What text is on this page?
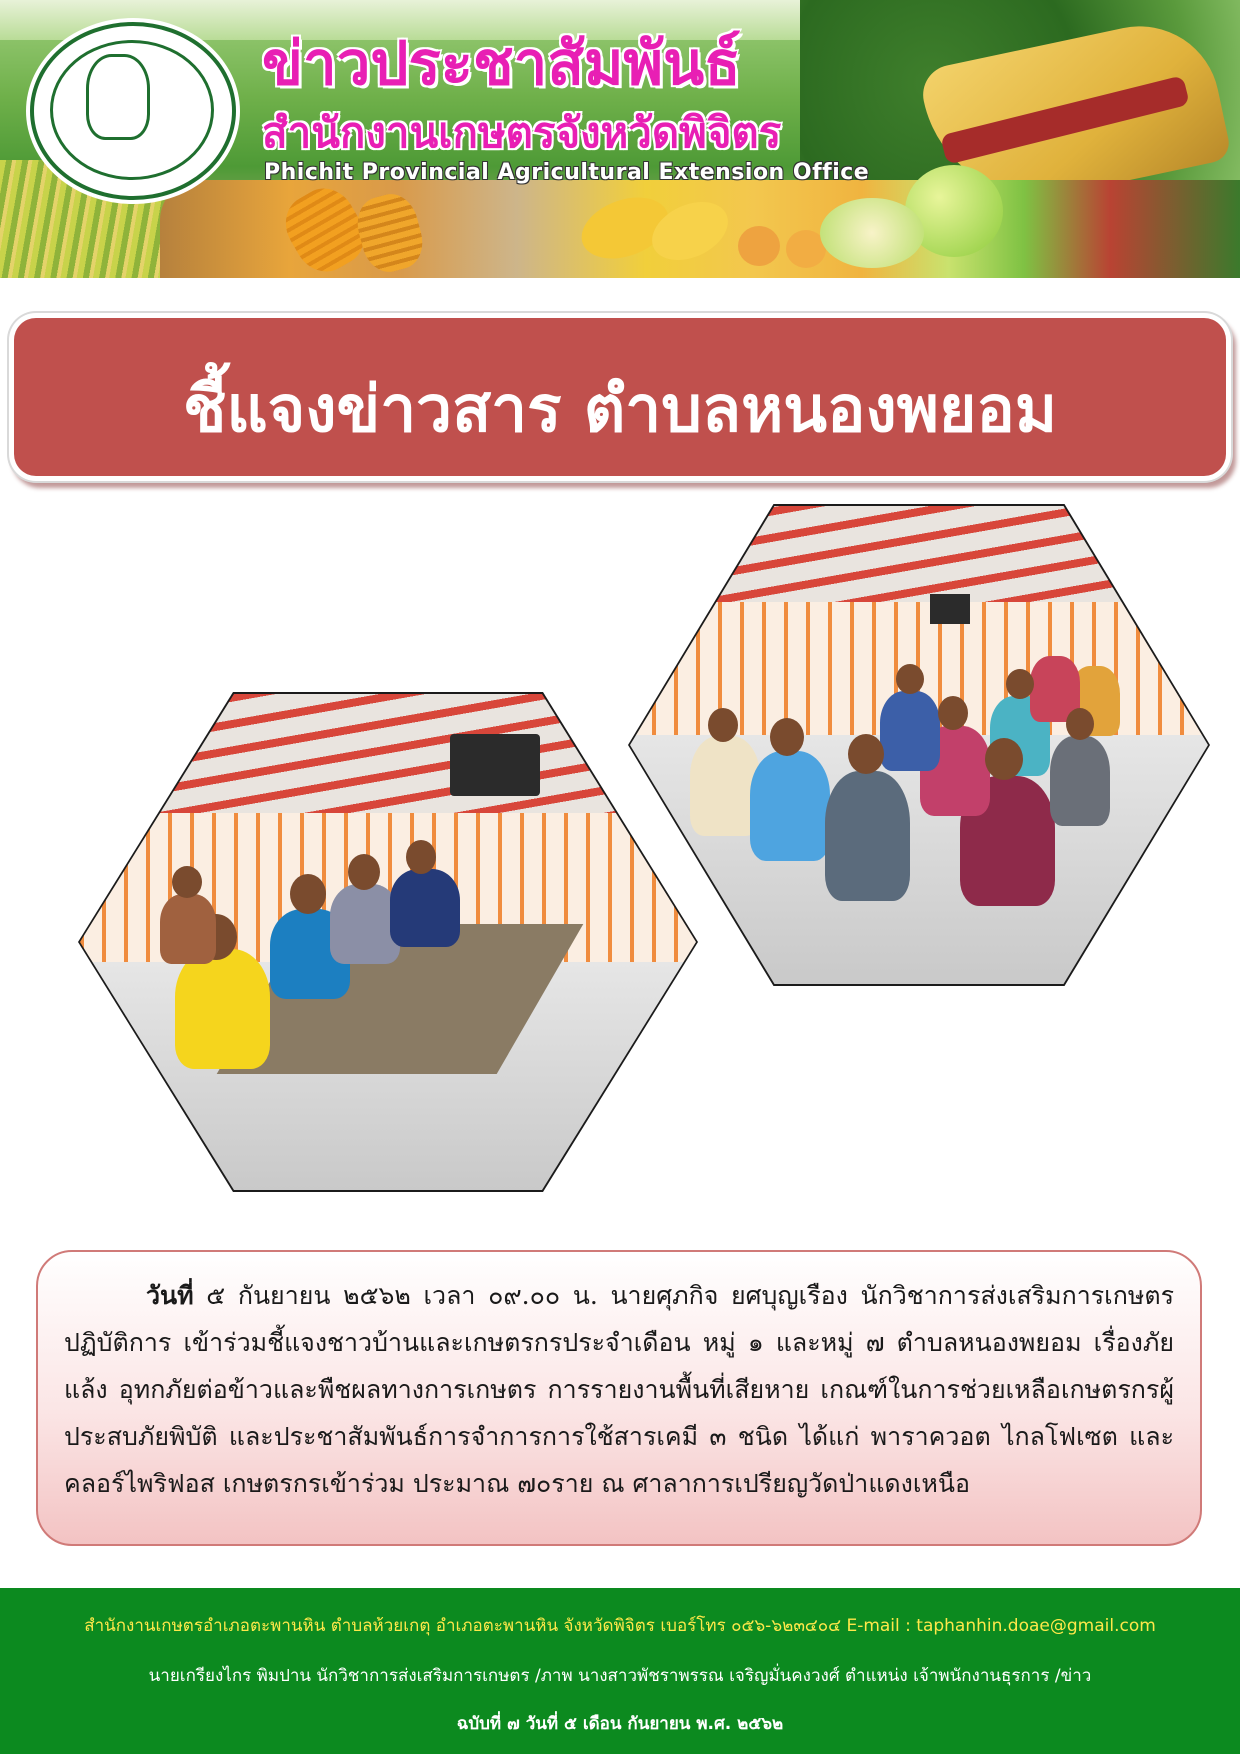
ข่าวประชาสัมพันธ์
สำนักงานเกษตรจังหวัดพิจิตร
Phichit Provincial Agricultural Extension Office
ชี้แจงข่าวสาร ตำบลหนองพยอม
วันที่ ๕ กันยายน ๒๕๖๒ เวลา ๐๙.๐๐ น. นายศุภกิจ ยศบุญเรือง นักวิชาการส่งเสริมการเกษตรปฏิบัติการ เข้าร่วมชี้แจงชาวบ้านและเกษตรกรประจำเดือน หมู่ ๑ และหมู่ ๗ ตำบลหนองพยอม เรื่องภัยแล้ง อุทกภัยต่อข้าวและพืชผลทางการเกษตร การรายงานพื้นที่เสียหาย เกณฑ์ในการช่วยเหลือเกษตรกรผู้ประสบภัยพิบัติ และประชาสัมพันธ์การจำการการใช้สารเคมี ๓ ชนิด ได้แก่ พาราควอต ไกลโฟเซต และคลอร์ไพริฟอส เกษตรกรเข้าร่วม ประมาณ ๗๐ราย ณ ศาลาการเปรียญวัดป่าแดงเหนือ
สำนักงานเกษตรอำเภอตะพานหิน ตำบลห้วยเกตุ อำเภอตะพานหิน จังหวัดพิจิตร เบอร์โทร ๐๕๖-๖๒๓๔๐๔ E-mail : taphanhin.doae@gmail.com
นายเกรียงไกร พิมปาน นักวิชาการส่งเสริมการเกษตร /ภาพ นางสาวพัชราพรรณ เจริญมั่นคงวงศ์ ตำแหน่ง เจ้าพนักงานธุรการ /ข่าว
ฉบับที่ ๗ วันที่ ๕ เดือน กันยายน พ.ศ. ๒๕๖๒
